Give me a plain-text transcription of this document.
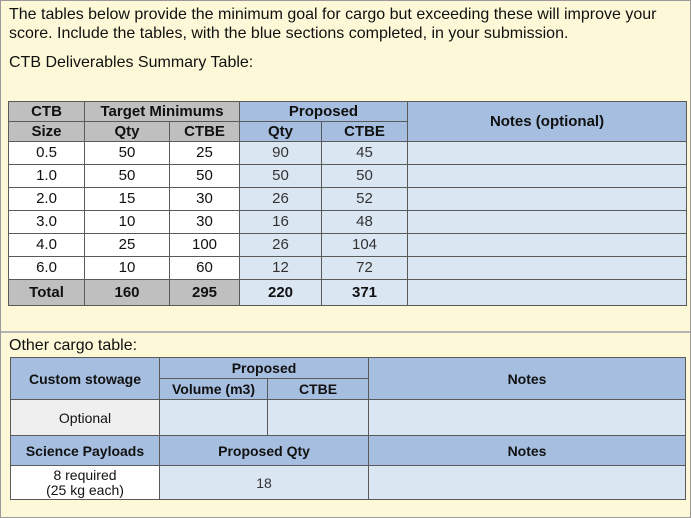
The tables below provide the minimum goal for cargo but exceeding these will improve your score. Include the tables, with the blue sections completed, in your submission.
CTB Deliverables Summary Table:
CTB	Target Minimums		Proposed		Notes (optional)
Size	Qty	CTBE	Qty	CTBE	
0.5	50	25	90	45	
1.0	50	50	50	50	
2.0	15	30	26	52	
3.0	10	30	16	48	
4.0	25	100	26	104	
6.0	10	60	12	72	
Total	160	295	220	371	
Other cargo table:
Custom stowage	Proposed		Notes
	Volume (m3)	CTBE	
Optional			
Science Payloads	Proposed Qty		Notes

8 required
(25 kg each)	18		
